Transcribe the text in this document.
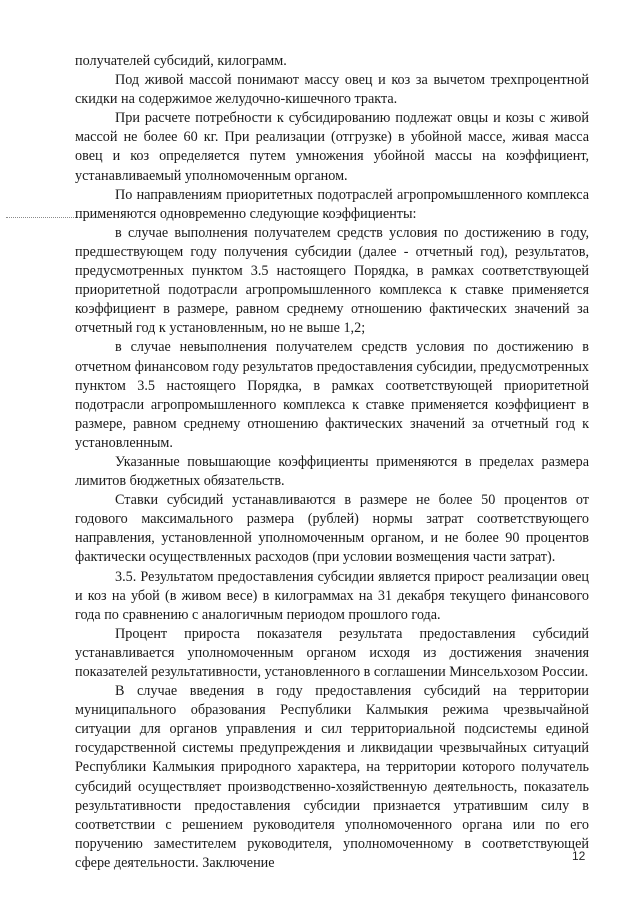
получателей субсидий, килограмм.

Под живой массой понимают массу овец и коз за вычетом трехпроцентной скидки на содержимое желудочно-кишечного тракта.

При расчете потребности к субсидированию подлежат овцы и козы с живой массой не более 60 кг. При реализации (отгрузке) в убойной массе, живая масса овец и коз определяется путем умножения убойной массы на коэффициент, устанавливаемый уполномоченным органом.

По направлениям приоритетных подотраслей агропромышленного комплекса применяются одновременно следующие коэффициенты:

в случае выполнения получателем средств условия по достижению в году, предшествующем году получения субсидии (далее - отчетный год), результатов, предусмотренных пунктом 3.5 настоящего Порядка, в рамках соответствующей приоритетной подотрасли агропромышленного комплекса к ставке применяется коэффициент в размере, равном среднему отношению фактических значений за отчетный год к установленным, но не выше 1,2;

в случае невыполнения получателем средств условия по достижению в отчетном финансовом году результатов предоставления субсидии, предусмотренных пунктом 3.5 настоящего Порядка, в рамках соответствующей приоритетной подотрасли агропромышленного комплекса к ставке применяется коэффициент в размере, равном среднему отношению фактических значений за отчетный год к установленным.

Указанные повышающие коэффициенты применяются в пределах размера лимитов бюджетных обязательств.

Ставки субсидий устанавливаются в размере не более 50 процентов от годового максимального размера (рублей) нормы затрат соответствующего направления, установленной уполномоченным органом, и не более 90 процентов фактически осуществленных расходов (при условии возмещения части затрат).

3.5. Результатом предоставления субсидии является прирост реализации овец и коз на убой (в живом весе) в килограммах на 31 декабря текущего финансового года по сравнению с аналогичным периодом прошлого года.

Процент прироста показателя результата предоставления субсидий устанавливается уполномоченным органом исходя из достижения значения показателей результативности, установленного в соглашении Минсельхозом России.

В случае введения в году предоставления субсидий на территории муниципального образования Республики Калмыкия режима чрезвычайной ситуации для органов управления и сил территориальной подсистемы единой государственной системы предупреждения и ликвидации чрезвычайных ситуаций Республики Калмыкия природного характера, на территории которого получатель субсидий осуществляет производственно-хозяйственную деятельность, показатель результативности предоставления субсидии признается утратившим силу в соответствии с решением руководителя уполномоченного органа или по его поручению заместителем руководителя, уполномоченному в соответствующей сфере деятельности. Заключение	12
